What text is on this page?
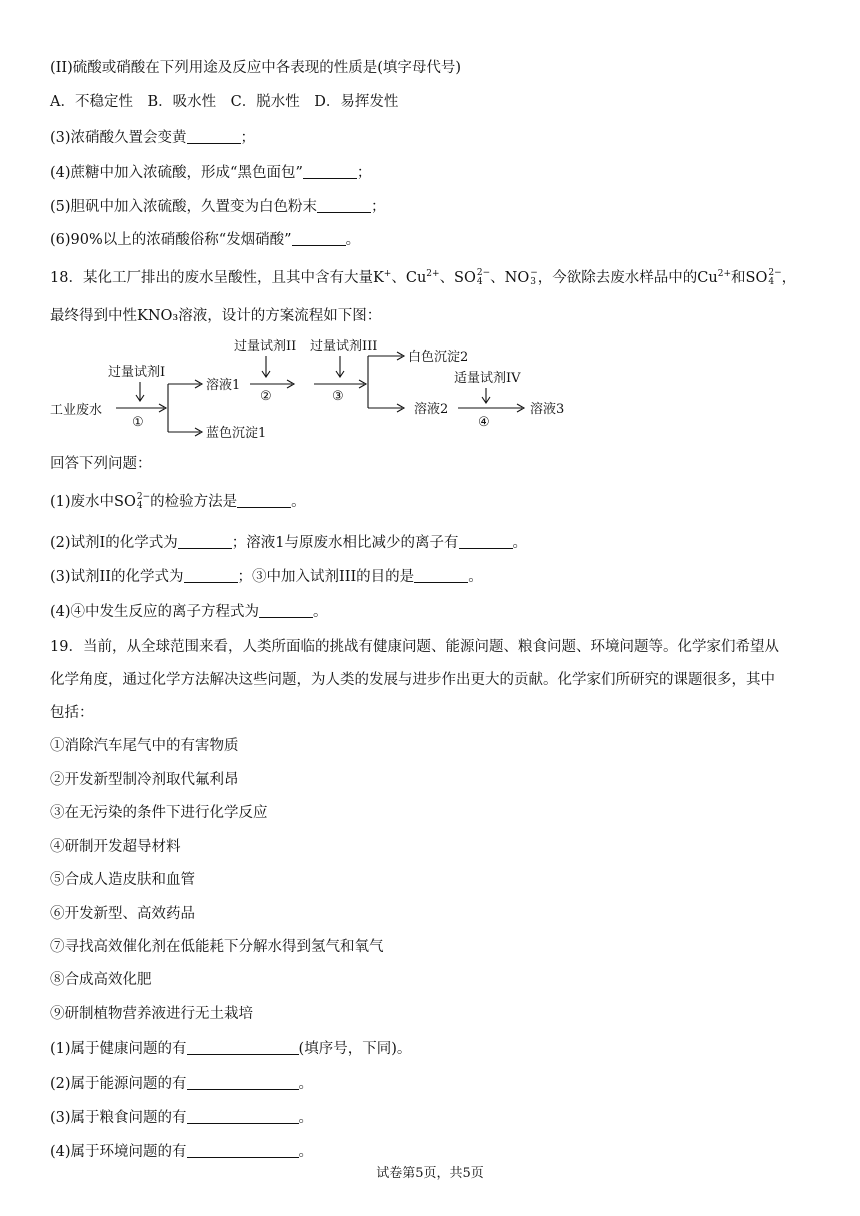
(II)硫酸或硝酸在下列用途及反应中各表现的性质是(填字母代号)
A．不稳定性　B．吸水性　C．脱水性　D．易挥发性
(3)浓硝酸久置会变黄	；
(4)蔗糖中加入浓硫酸，形成“黑色面包”	；
(5)胆矾中加入浓硫酸，久置变为白色粉末	；
(6)90%以上的浓硝酸俗称“发烟硝酸”	。
18．某化工厂排出的废水呈酸性，且其中含有大量K+、$Cu^{2+}$、SO 2−
4 、NO −
3 ，今欲除去废水样品中的$Cu^{2+}$和SO 2−
4 ，
最终得到中性KNO₃溶液，设计的方案流程如下图：
工业废水
过量试剂I
①
溶液1
蓝色沉淀1
过量试剂II
②
过量试剂III
③
白色沉淀2
溶液2
适量试剂IV
④
溶液3
回答下列问题：
(1)废水中SO 2−
4 的检验方法是	。
(2)试剂I的化学式为	；溶液1与原废水相比减少的离子有	。
(3)试剂II的化学式为	；③中加入试剂III的目的是	。
(4)④中发生反应的离子方程式为	。
19．当前，从全球范围来看，人类所面临的挑战有健康问题、能源问题、粮食问题、环境问题等。化学家们希望从
化学角度，通过化学方法解决这些问题，为人类的发展与进步作出更大的贡献。化学家们所研究的课题很多，其中
包括：
①消除汽车尾气中的有害物质
②开发新型制冷剂取代氟利昂
③在无污染的条件下进行化学反应
④研制开发超导材料
⑤合成人造皮肤和血管
⑥开发新型、高效药品
⑦寻找高效催化剂在低能耗下分解水得到氢气和氧气
⑧合成高效化肥
⑨研制植物营养液进行无土栽培
(1)属于健康问题的有	(填序号，下同)。
(2)属于能源问题的有	。
(3)属于粮食问题的有	。
(4)属于环境问题的有	。
试卷第5页，共5页
